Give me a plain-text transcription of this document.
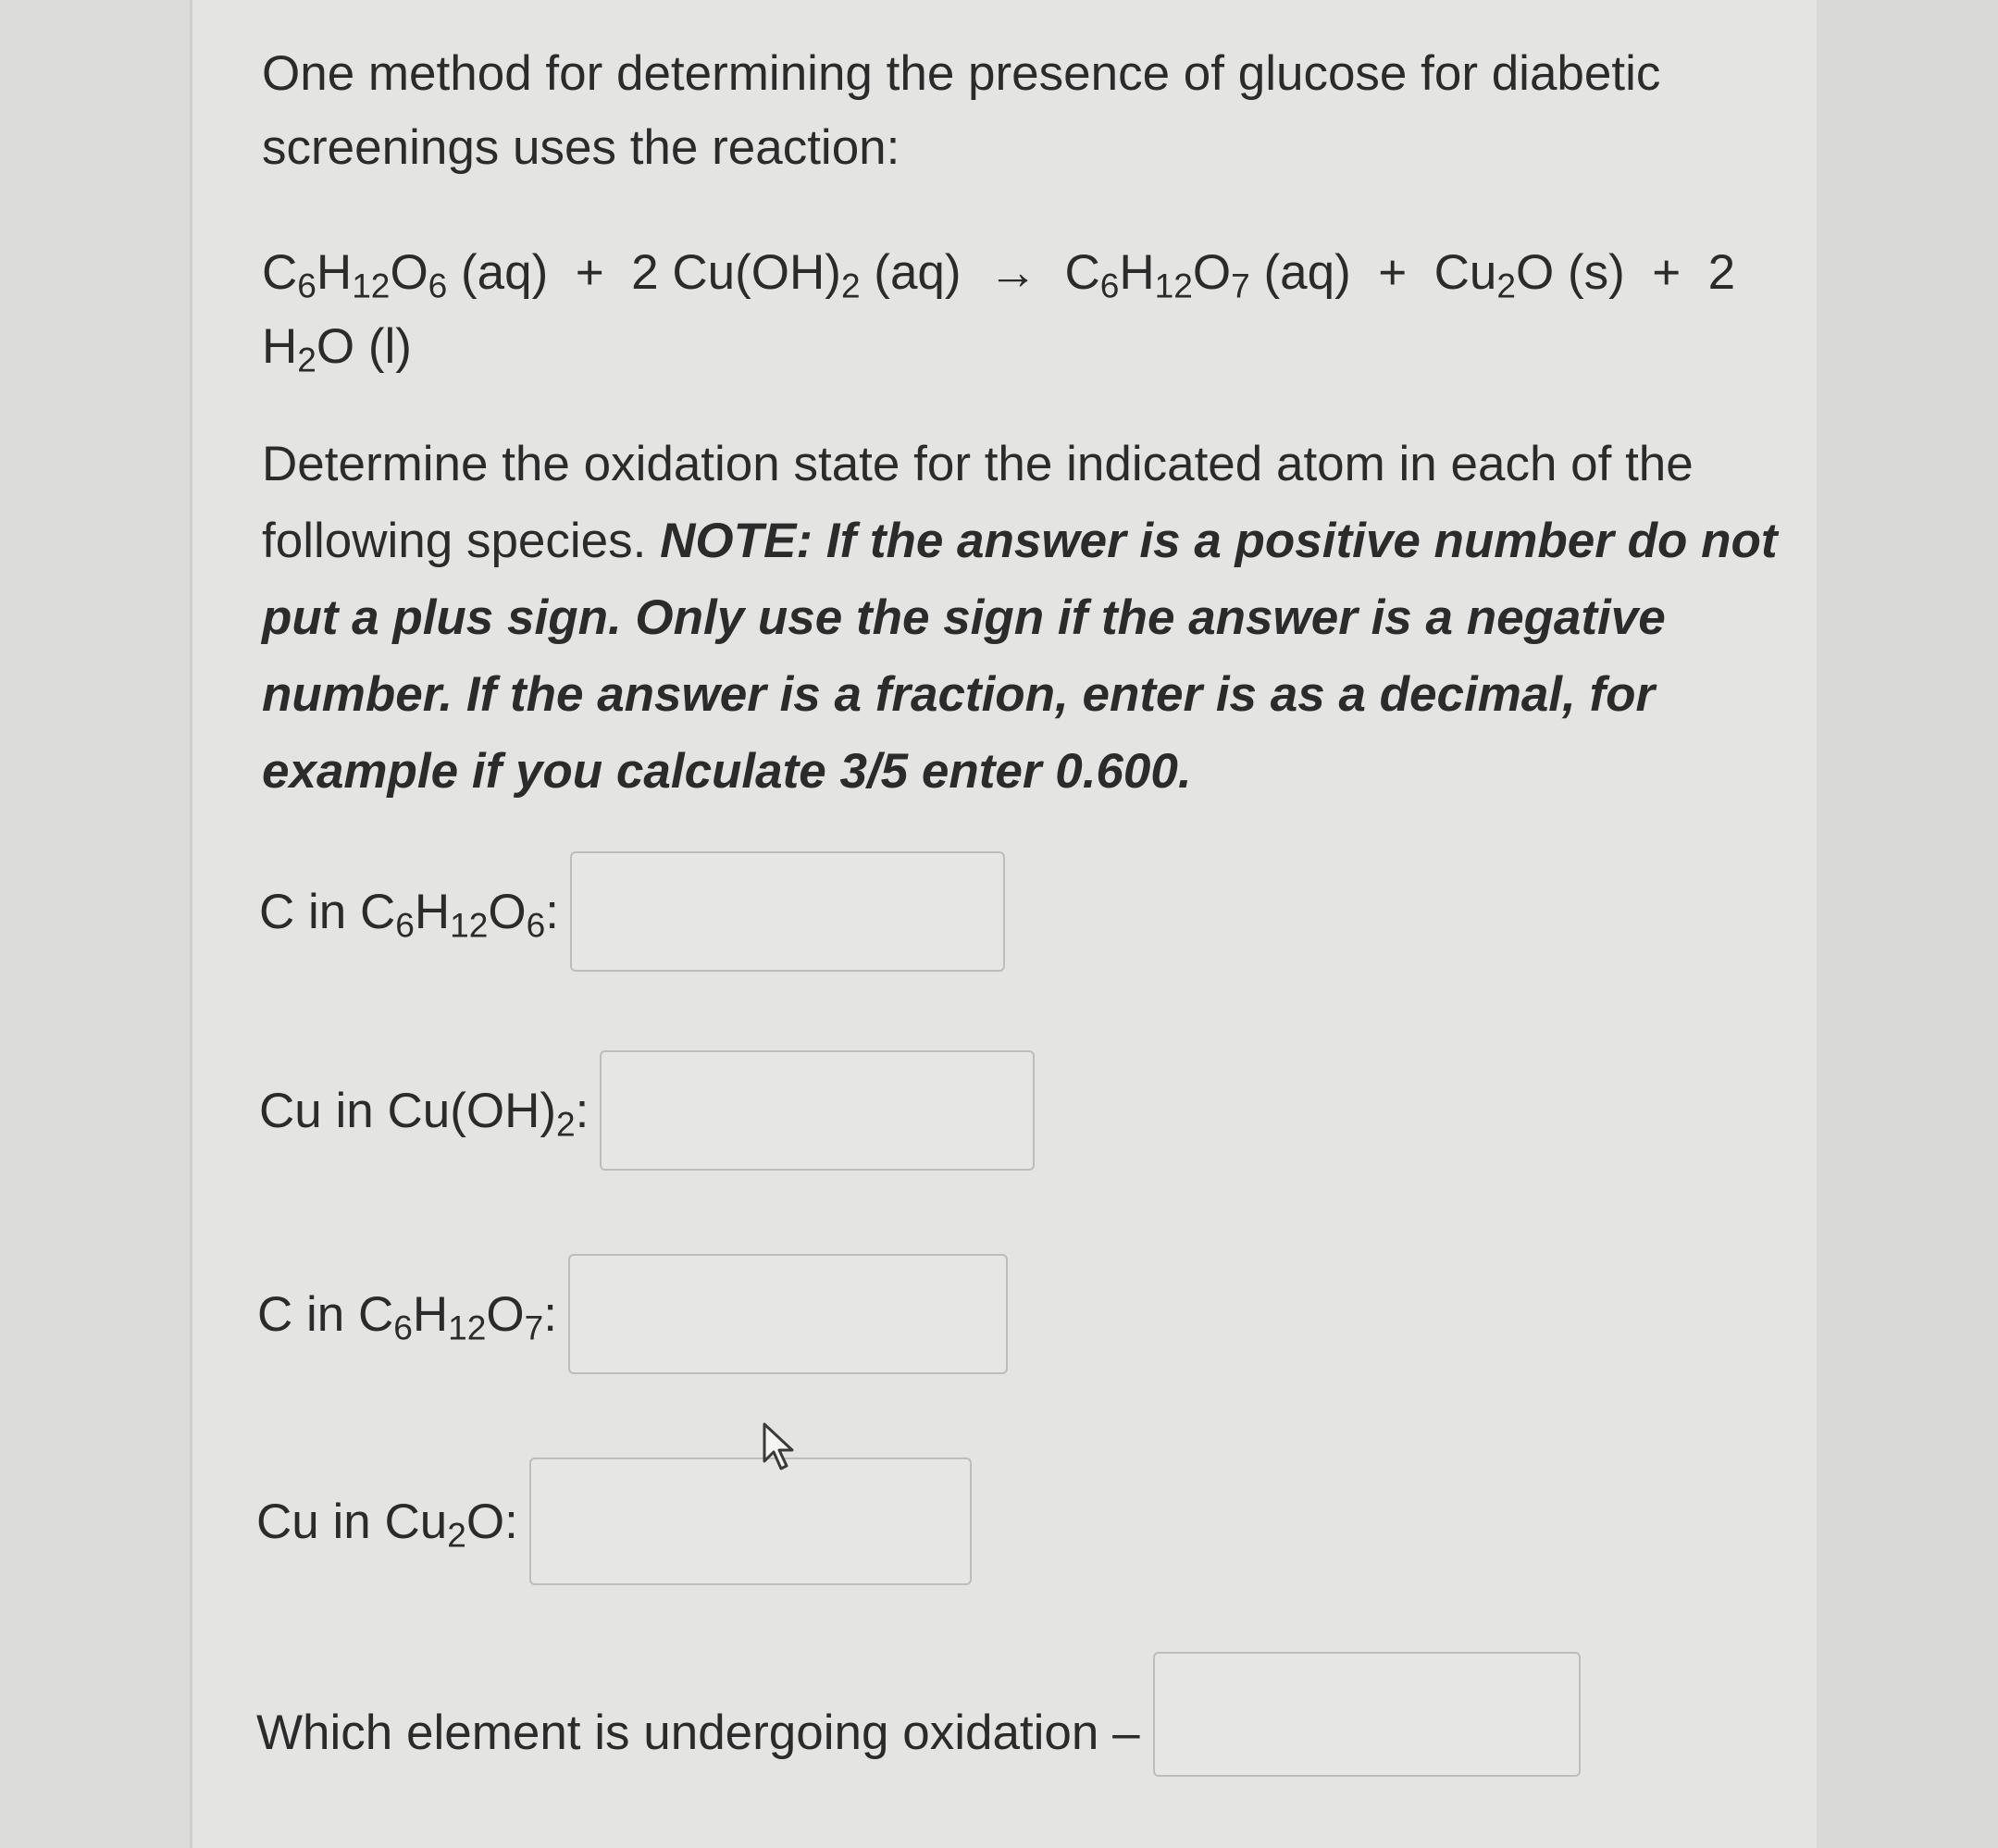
One method for determining the presence of glucose for diabetic screenings uses the reaction:

$C_6H_{12}O_6$ (aq) + 2 $Cu(OH)_2$ $(aq) \to C_6H_{12}O_7$ $(aq) + Cu_2O$ (s) + 2
$H_2O$ (l)

Determine the oxidation state for the indicated atom in each of the following species. NOTE: If the answer is a positive number do not put a plus sign. Only use the sign if the answer is a negative number. If the answer is a fraction, enter is as a decimal, for example if you calculate 3/5 enter 0.600.

C in $C_6H_{12}O_6$:
Cu in $Cu(OH)_2$:
C in $C_6H_{12}O_7$:
Cu in $Cu_2O$:
Which element is undergoing oxidation –
